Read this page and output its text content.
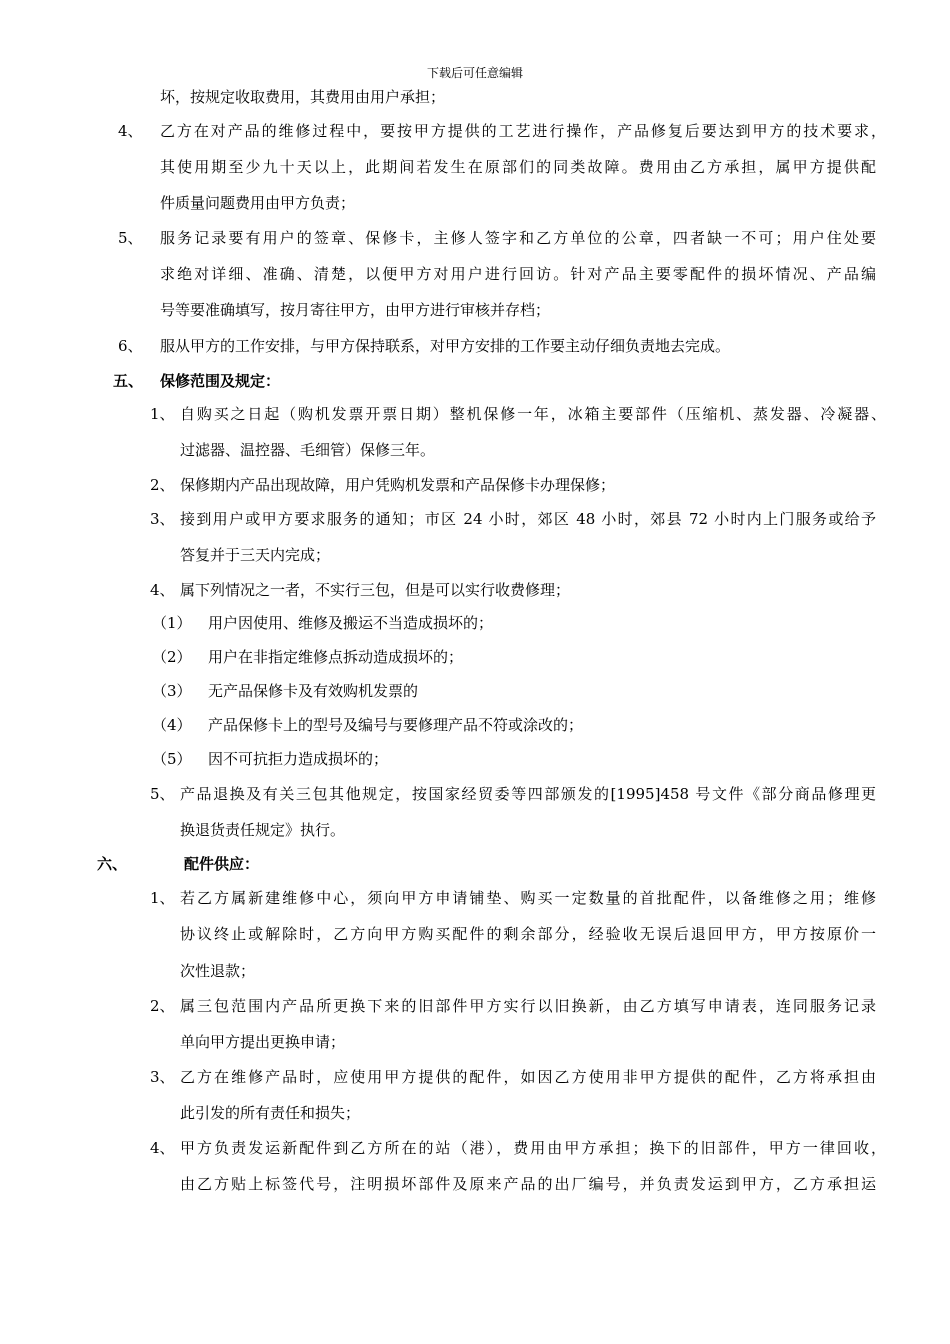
下载后可任意编辑
坏，按规定收取费用，其费用由用户承担；
4、 乙方在对产品的维修过程中，要按甲方提供的工艺进行操作，产品修复后要达到甲方的技术要求，
其使用期至少九十天以上，此期间若发生在原部们的同类故障。费用由乙方承担，属甲方提供配
件质量问题费用由甲方负责；
5、 服务记录要有用户的签章、保修卡，主修人签字和乙方单位的公章，四者缺一不可；用户住处要
求绝对详细、准确、清楚，以便甲方对用户进行回访。针对产品主要零配件的损坏情况、产品编
号等要准确填写，按月寄往甲方，由甲方进行审核并存档；
6、 服从甲方的工作安排，与甲方保持联系，对甲方安排的工作要主动仔细负责地去完成。
五、 保修范围及规定：
1、 自购买之日起（购机发票开票日期）整机保修一年，冰箱主要部件（压缩机、蒸发器、冷凝器、
过滤器、温控器、毛细管）保修三年。
2、 保修期内产品出现故障，用户凭购机发票和产品保修卡办理保修；
3、 接到用户或甲方要求服务的通知；市区 24 小时，郊区 48 小时，郊县 72 小时内上门服务或给予
答复并于三天内完成；
4、 属下列情况之一者，不实行三包，但是可以实行收费修理；
（1） 用户因使用、维修及搬运不当造成损坏的；
（2） 用户在非指定维修点拆动造成损坏的；
（3） 无产品保修卡及有效购机发票的
（4） 产品保修卡上的型号及编号与要修理产品不符或涂改的；
（5） 因不可抗拒力造成损坏的；
5、 产品退换及有关三包其他规定，按国家经贸委等四部颁发的[1995]458 号文件《部分商品修理更
换退货责任规定》执行。
六、	配件供应：
1、 若乙方属新建维修中心，须向甲方申请铺垫、购买一定数量的首批配件，以备维修之用；维修
协议终止或解除时，乙方向甲方购买配件的剩余部分，经验收无误后退回甲方，甲方按原价一
次性退款；
2、 属三包范围内产品所更换下来的旧部件甲方实行以旧换新，由乙方填写申请表，连同服务记录
单向甲方提出更换申请；
3、 乙方在维修产品时，应使用甲方提供的配件，如因乙方使用非甲方提供的配件，乙方将承担由
此引发的所有责任和损失；
4、 甲方负责发运新配件到乙方所在的站（港），费用由甲方承担；换下的旧部件，甲方一律回收，
由乙方贴上标签代号，注明损坏部件及原来产品的出厂编号，并负责发运到甲方，乙方承担运
